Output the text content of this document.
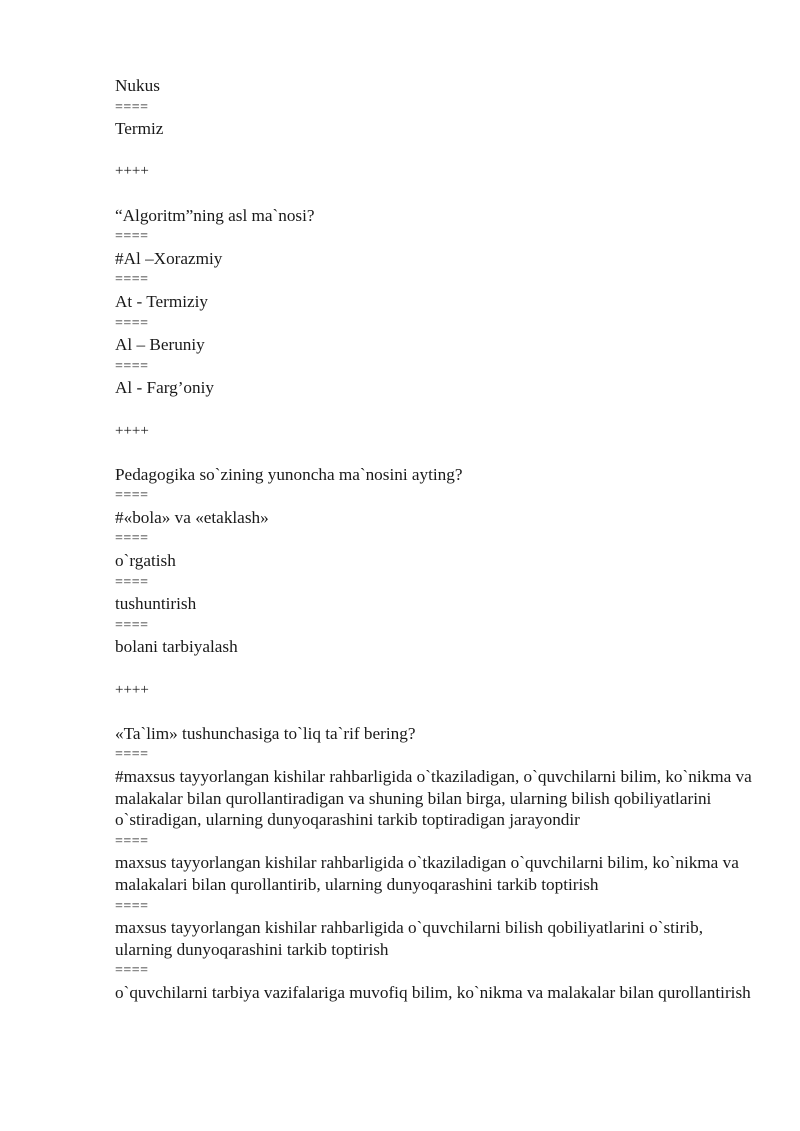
Nukus
====
Termiz
++++
“Algoritm”ning asl ma`nosi?
====
#Al –Xorazmiy
====
At - Termiziy
====
Al – Beruniy
====
Al - Farg’oniy
++++
Pedagogika so`zining yunoncha ma`nosini ayting?
====
#«bola» va «etaklash»
====
o`rgatish
====
tushuntirish
====
bolani tarbiyalash
++++
«Ta`lim» tushunchasiga to`liq ta`rif bering?
====
#maxsus tayyorlangan kishilar rahbarligida o`tkaziladigan, o`quvchilarni bilim, ko`nikma va malakalar bilan qurollantiradigan va shuning bilan birga, ularning bilish qobiliyatlarini o`stiradigan, ularning dunyoqarashini tarkib toptiradigan jarayondir
====
maxsus tayyorlangan kishilar rahbarligida o`tkaziladigan o`quvchilarni bilim, ko`nikma va malakalari bilan qurollantirib, ularning dunyoqarashini tarkib toptirish
====
maxsus tayyorlangan kishilar rahbarligida o`quvchilarni bilish qobiliyatlarini o`stirib, ularning dunyoqarashini tarkib toptirish
====
o`quvchilarni tarbiya vazifalariga muvofiq bilim, ko`nikma va malakalar bilan qurollantirish
